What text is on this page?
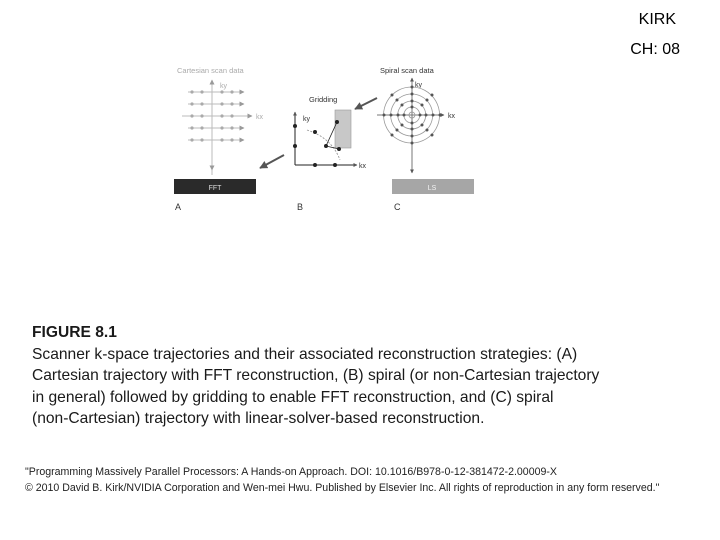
KIRK
CH: 08
Cartesian scan data
ky
kx
FFT
A
Gridding
ky
kx
B
Spiral scan data
ky
kx
LS
C
FIGURE 8.1
Scanner k-space trajectories and their associated reconstruction strategies: (A)
Cartesian trajectory with FFT reconstruction, (B) spiral (or non-Cartesian trajectory
in general) followed by gridding to enable FFT reconstruction, and (C) spiral
(non-Cartesian) trajectory with linear-solver-based reconstruction.
"Programming Massively Parallel Processors: A Hands-on Approach. DOI: 10.1016/B978-0-12-381472-2.00009-X
© 2010 David B. Kirk/NVIDIA Corporation and Wen-mei Hwu. Published by Elsevier Inc. All rights of reproduction in any form reserved."
